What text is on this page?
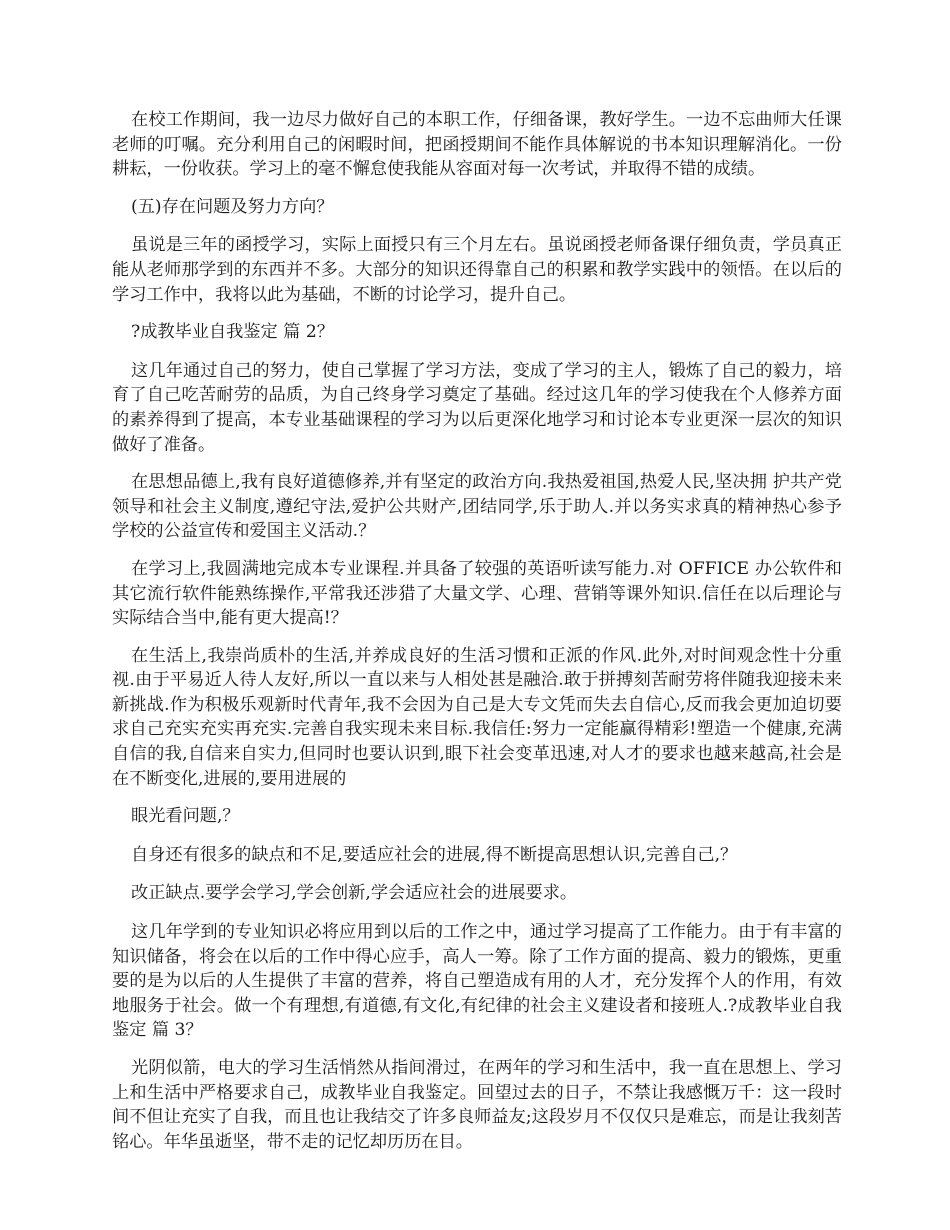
在校工作期间，我一边尽力做好自己的本职工作，仔细备课，教好学生。一边不忘曲师大任课老师的叮嘱。充分利用自己的闲暇时间，把函授期间不能作具体解说的书本知识理解消化。一份耕耘，一份收获。学习上的毫不懈怠使我能从容面对每一次考试，并取得不错的成绩。

(五)存在问题及努力方向？

虽说是三年的函授学习，实际上面授只有三个月左右。虽说函授老师备课仔细负责，学员真正能从老师那学到的东西并不多。大部分的知识还得靠自己的积累和教学实践中的领悟。在以后的学习工作中，我将以此为基础，不断的讨论学习，提升自己。

?成教毕业自我鉴定 篇 2？

这几年通过自己的努力，使自己掌握了学习方法，变成了学习的主人，锻炼了自己的毅力，培育了自己吃苦耐劳的品质，为自己终身学习奠定了基础。经过这几年的学习使我在个人修养方面的素养得到了提高，本专业基础课程的学习为以后更深化地学习和讨论本专业更深一层次的知识做好了准备。

在思想品德上,我有良好道德修养,并有坚定的政治方向.我热爱祖国,热爱人民,坚决拥 护共产党领导和社会主义制度,遵纪守法,爱护公共财产,团结同学,乐于助人.并以务实求真的精神热心参予学校的公益宣传和爱国主义活动.？

在学习上,我圆满地完成本专业课程.并具备了较强的英语听读写能力.对 OFFICE 办公软件和其它流行软件能熟练操作,平常我还涉猎了大量文学、心理、营销等课外知识.信任在以后理论与实际结合当中,能有更大提高!？

在生活上,我崇尚质朴的生活,并养成良好的生活习惯和正派的作风.此外,对时间观念性十分重视.由于平易近人待人友好,所以一直以来与人相处甚是融洽.敢于拼搏刻苦耐劳将伴随我迎接未来新挑战.作为积极乐观新时代青年,我不会因为自己是大专文凭而失去自信心,反而我会更加迫切要求自己充实充实再充实.完善自我实现未来目标.我信任:努力一定能赢得精彩!塑造一个健康,充满自信的我,自信来自实力,但同时也要认识到,眼下社会变革迅速,对人才的要求也越来越高,社会是在不断变化,进展的,要用进展的

眼光看问题,？

自身还有很多的缺点和不足,要适应社会的进展,得不断提高思想认识,完善自己,？

改正缺点.要学会学习,学会创新,学会适应社会的进展要求。

这几年学到的专业知识必将应用到以后的工作之中，通过学习提高了工作能力。由于有丰富的知识储备，将会在以后的工作中得心应手，高人一筹。除了工作方面的提高、毅力的锻炼，更重要的是为以后的人生提供了丰富的营养，将自己塑造成有用的人才，充分发挥个人的作用，有效地服务于社会。做一个有理想,有道德,有文化,有纪律的社会主义建设者和接班人.?成教毕业自我鉴定 篇 3？

光阴似箭，电大的学习生活悄然从指间滑过，在两年的学习和生活中，我一直在思想上、学习上和生活中严格要求自己，成教毕业自我鉴定。回望过去的日子，不禁让我感慨万千：这一段时间不但让充实了自我，而且也让我结交了许多良师益友;这段岁月不仅仅只是难忘，而是让我刻苦铭心。年华虽逝坚，带不走的记忆却历历在目。
